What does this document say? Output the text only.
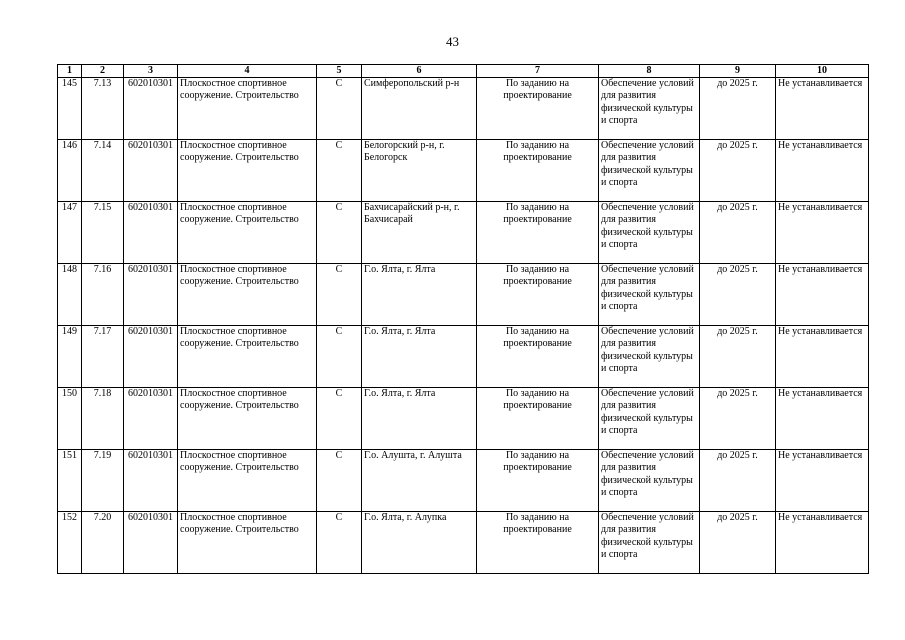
43
1	2	3	4	5	6	7	8	9	10
145	7.13	602010301	Плоскостное спортивное сооружение. Строительство	С	Симферопольский р-н	По заданию на проектирование	Обеспечение условий для развития физической культуры и спорта	до 2025 г.	Не устанавливается
146	7.14	602010301	Плоскостное спортивное сооружение. Строительство	С	Белогорский р-н, г. Белогорск	По заданию на проектирование	Обеспечение условий для развития физической культуры и спорта	до 2025 г.	Не устанавливается
147	7.15	602010301	Плоскостное спортивное сооружение. Строительство	С	Бахчисарайский р-н, г. Бахчисарай	По заданию на проектирование	Обеспечение условий для развития физической культуры и спорта	до 2025 г.	Не устанавливается
148	7.16	602010301	Плоскостное спортивное сооружение. Строительство	С	Г.о. Ялта, г. Ялта	По заданию на проектирование	Обеспечение условий для развития физической культуры и спорта	до 2025 г.	Не устанавливается
149	7.17	602010301	Плоскостное спортивное сооружение. Строительство	С	Г.о. Ялта, г. Ялта	По заданию на проектирование	Обеспечение условий для развития физической культуры и спорта	до 2025 г.	Не устанавливается
150	7.18	602010301	Плоскостное спортивное сооружение. Строительство	С	Г.о. Ялта, г. Ялта	По заданию на проектирование	Обеспечение условий для развития физической культуры и спорта	до 2025 г.	Не устанавливается
151	7.19	602010301	Плоскостное спортивное сооружение. Строительство	С	Г.о. Алушта, г. Алушта	По заданию на проектирование	Обеспечение условий для развития физической культуры и спорта	до 2025 г.	Не устанавливается
152	7.20	602010301	Плоскостное спортивное сооружение. Строительство	С	Г.о. Ялта, г. Алупка	По заданию на проектирование	Обеспечение условий для развития физической культуры и спорта	до 2025 г.	Не устанавливается
